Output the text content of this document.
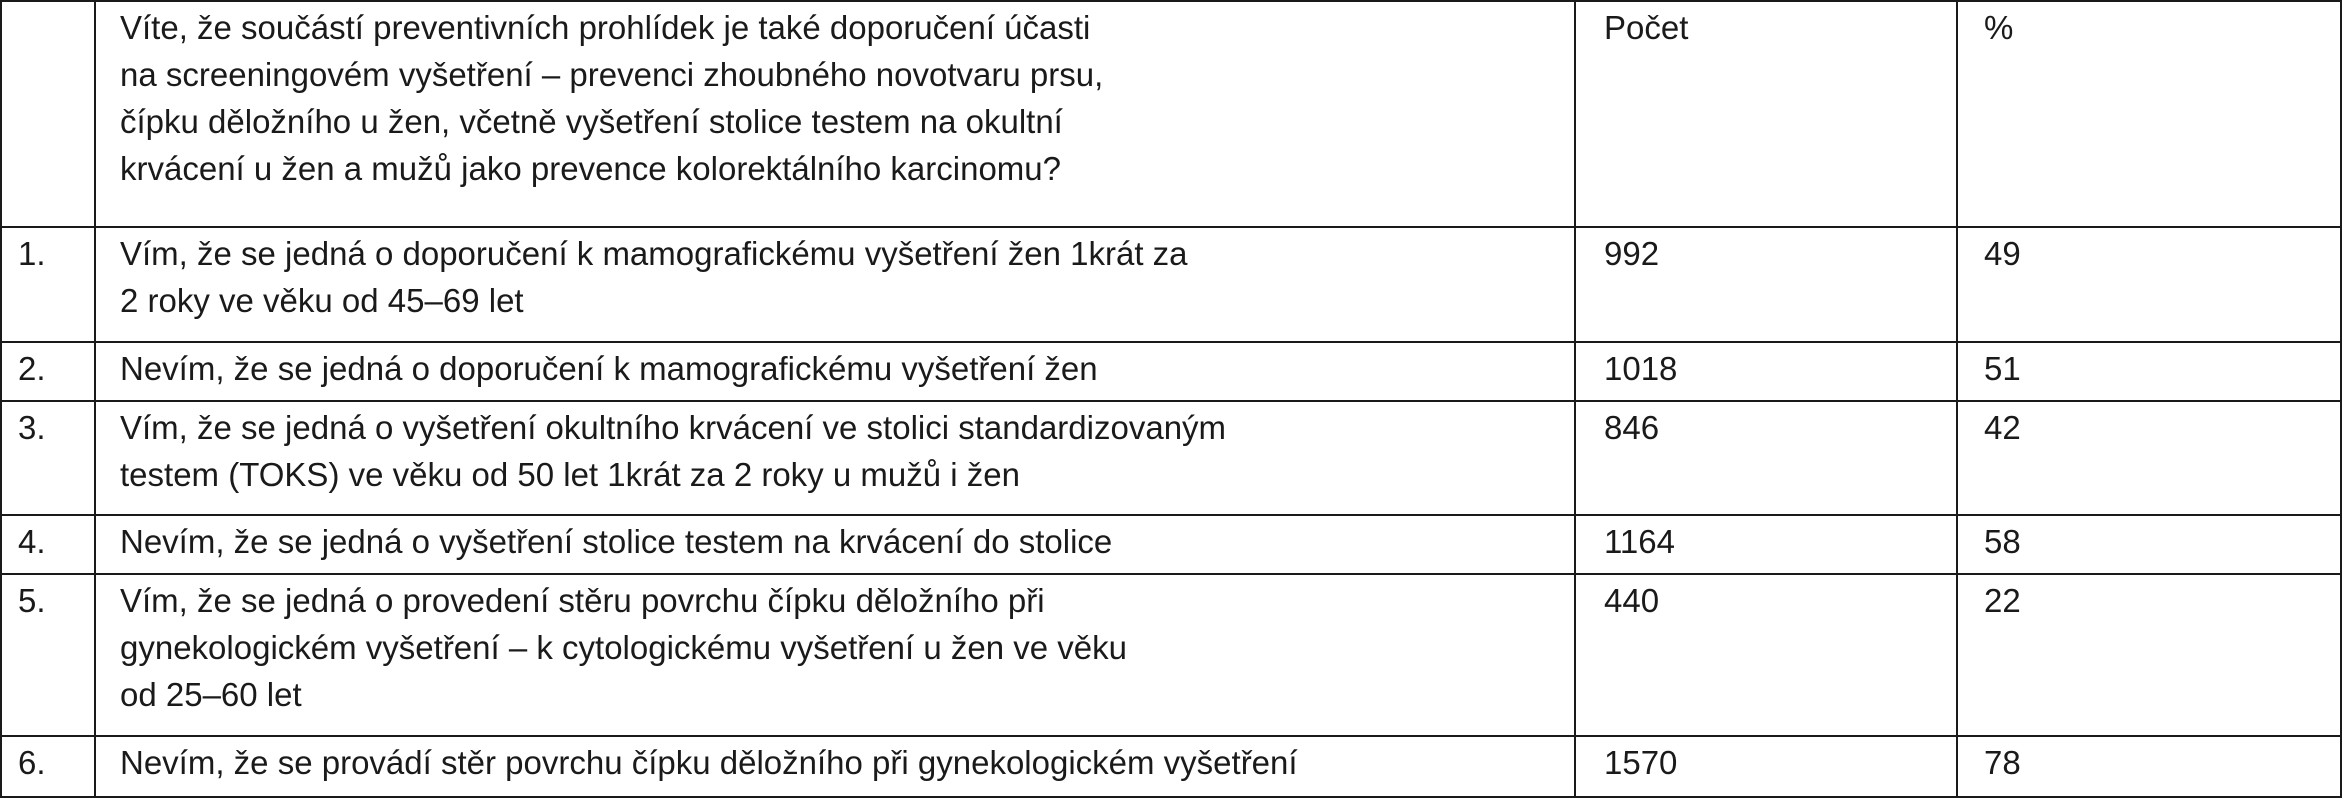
	Víte, že součástí preventivních prohlídek je také doporučení účasti
na screeningovém vyšetření – prevenci zhoubného novotvaru prsu,
čípku děložního u žen, včetně vyšetření stolice testem na okultní
krvácení u žen a mužů jako prevence kolorektálního karcinomu?	Počet	%
1.	Vím, že se jedná o doporučení k mamografickému vyšetření žen 1krát za
2 roky ve věku od 45–69 let	992	49
2.	Nevím, že se jedná o doporučení k mamografickému vyšetření žen	1018	51
3.	Vím, že se jedná o vyšetření okultního krvácení ve stolici standardizovaným
testem (TOKS) ve věku od 50 let 1krát za 2 roky u mužů i žen	846	42
4.	Nevím, že se jedná o vyšetření stolice testem na krvácení do stolice	1164	58
5.	Vím, že se jedná o provedení stěru povrchu čípku děložního při
gynekologickém vyšetření – k cytologickému vyšetření u žen ve věku
od 25–60 let	440	22
6.	Nevím, že se provádí stěr povrchu čípku děložního při gynekologickém vyšetření	1570	78
